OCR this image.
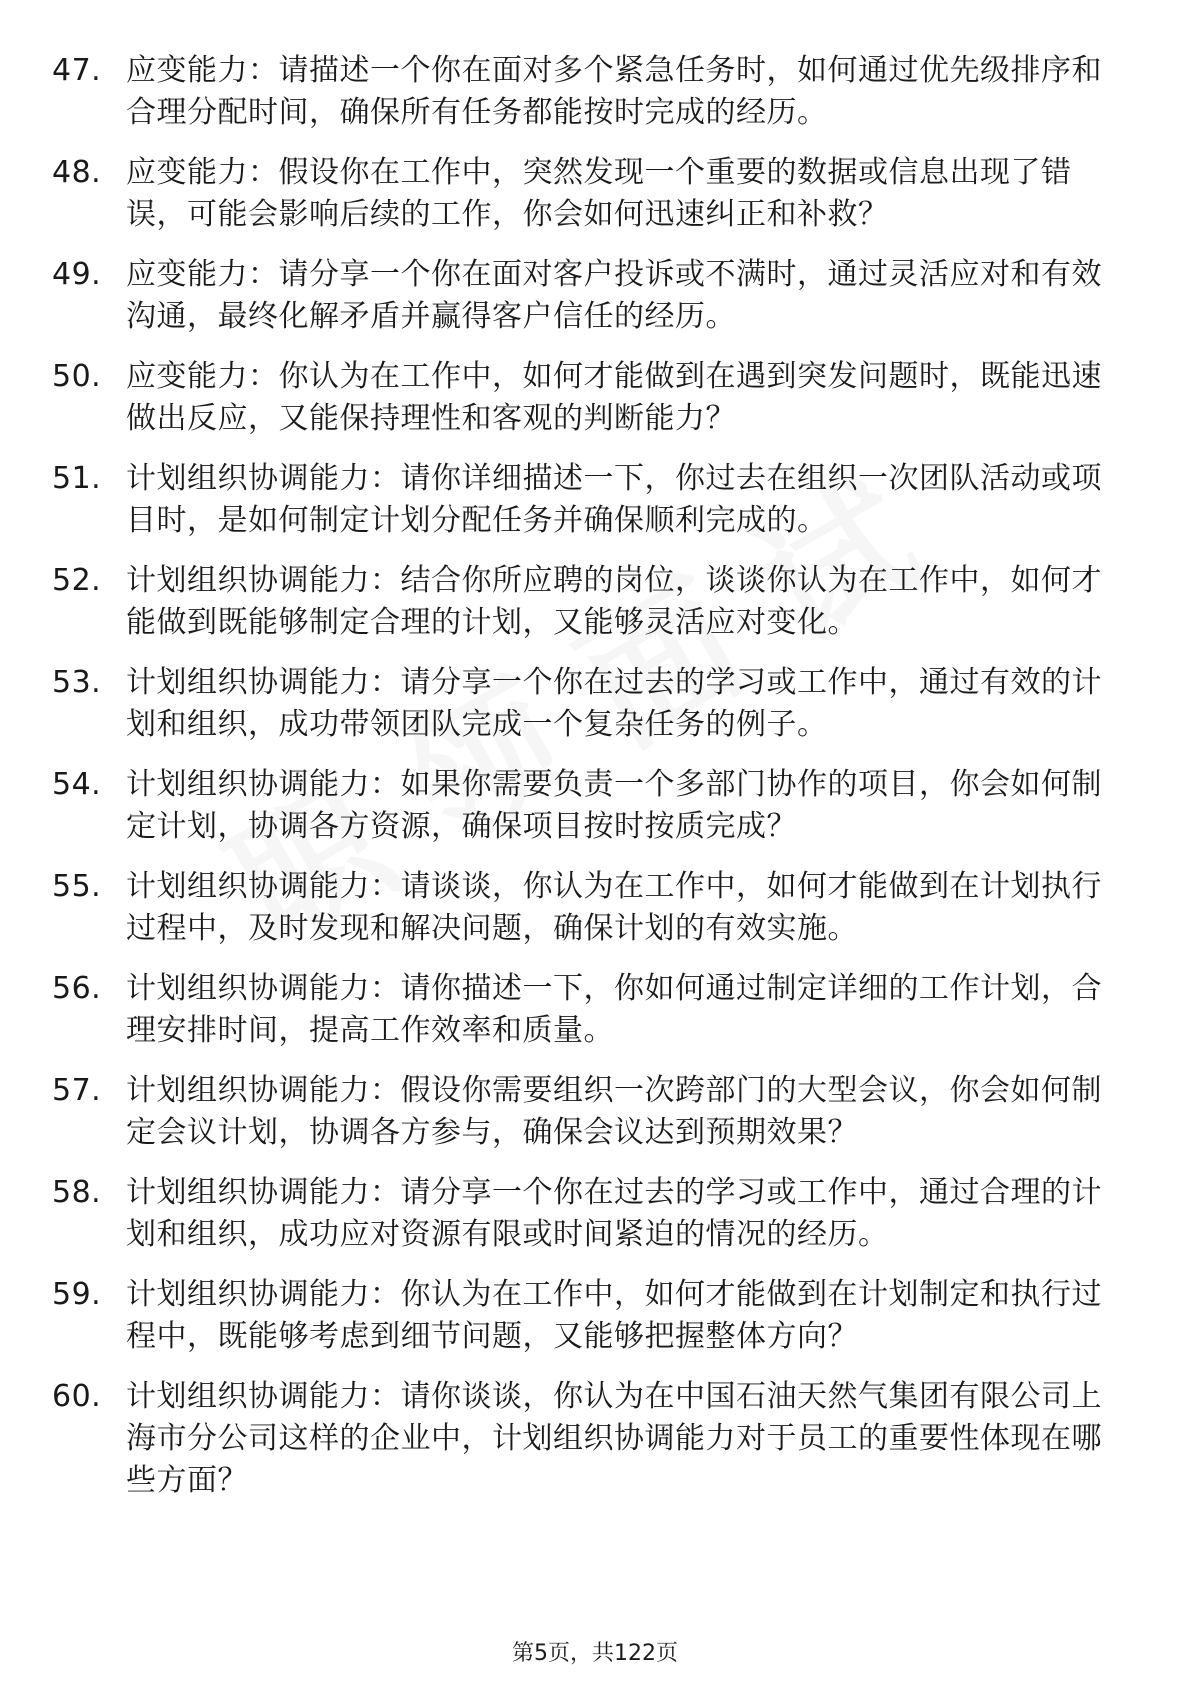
47. 应变能力：请描述一个你在面对多个紧急任务时，如何通过优先级排序和合理分配时间，确保所有任务都能按时完成的经历。
48. 应变能力：假设你在工作中，突然发现一个重要的数据或信息出现了错误，可能会影响后续的工作，你会如何迅速纠正和补救？
49. 应变能力：请分享一个你在面对客户投诉或不满时，通过灵活应对和有效沟通，最终化解矛盾并赢得客户信任的经历。
50. 应变能力：你认为在工作中，如何才能做到在遇到突发问题时，既能迅速做出反应，又能保持理性和客观的判断能力？
51. 计划组织协调能力：请你详细描述一下，你过去在组织一次团队活动或项目时，是如何制定计划分配任务并确保顺利完成的。
52. 计划组织协调能力：结合你所应聘的岗位，谈谈你认为在工作中，如何才能做到既能够制定合理的计划，又能够灵活应对变化。
53. 计划组织协调能力：请分享一个你在过去的学习或工作中，通过有效的计划和组织，成功带领团队完成一个复杂任务的例子。
54. 计划组织协调能力：如果你需要负责一个多部门协作的项目，你会如何制定计划，协调各方资源，确保项目按时按质完成？
55. 计划组织协调能力：请谈谈，你认为在工作中，如何才能做到在计划执行过程中，及时发现和解决问题，确保计划的有效实施。
56. 计划组织协调能力：请你描述一下，你如何通过制定详细的工作计划，合理安排时间，提高工作效率和质量。
57. 计划组织协调能力：假设你需要组织一次跨部门的大型会议，你会如何制定会议计划，协调各方参与，确保会议达到预期效果？
58. 计划组织协调能力：请分享一个你在过去的学习或工作中，通过合理的计划和组织，成功应对资源有限或时间紧迫的情况的经历。
59. 计划组织协调能力：你认为在工作中，如何才能做到在计划制定和执行过程中，既能够考虑到细节问题，又能够把握整体方向？
60. 计划组织协调能力：请你谈谈，你认为在中国石油天然气集团有限公司上海市分公司这样的企业中，计划组织协调能力对于员工的重要性体现在哪些方面？
第5页，共122页
